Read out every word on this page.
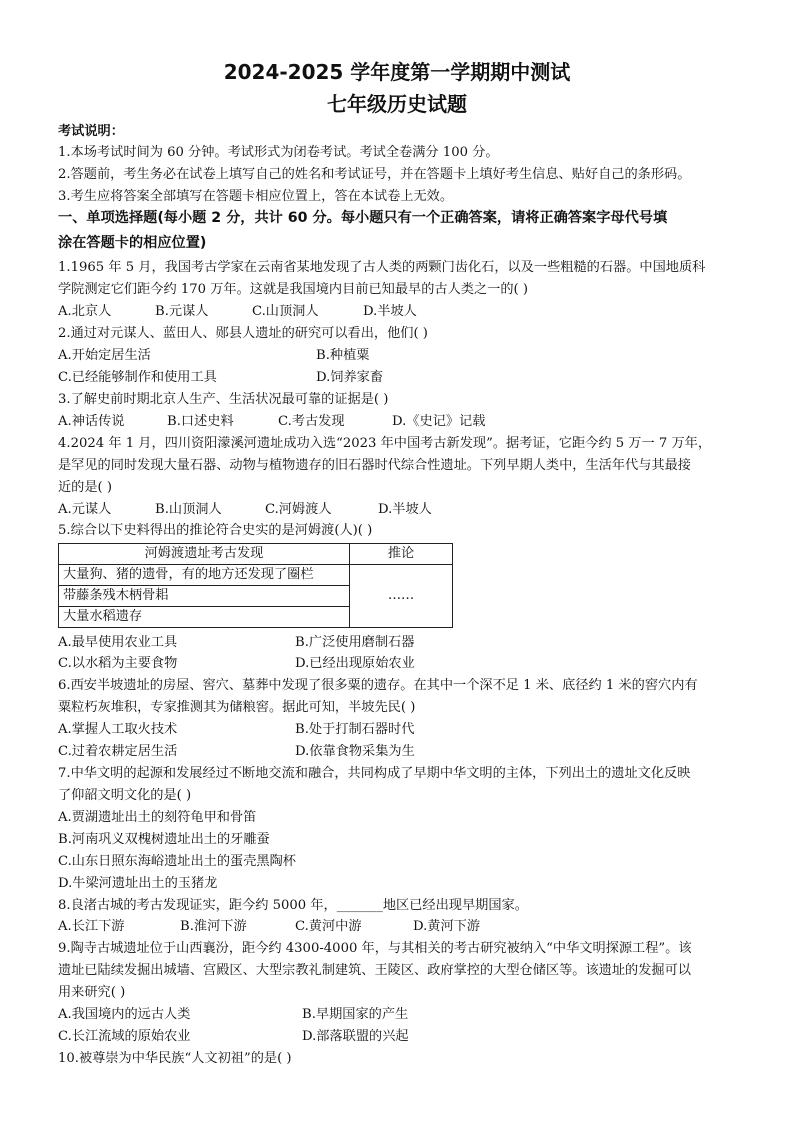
2024-2025 学年度第一学期期中测试
七年级历史试题
考试说明：
1.本场考试时间为 60 分钟。考试形式为闭卷考试。考试全卷满分 100 分。
2.答题前，考生务必在试卷上填写自己的姓名和考试证号，并在答题卡上填好考生信息、贴好自己的条形码。
3.考生应将答案全部填写在答题卡相应位置上，答在本试卷上无效。
一、单项选择题(每小题 2 分，共计 60 分。每小题只有一个正确答案，请将正确答案字母代号填
涂在答题卡的相应位置)
1.1965 年 5 月，我国考古学家在云南省某地发现了古人类的两颗门齿化石，以及一些粗糙的石器。中国地质科
学院测定它们距今约 170 万年。这就是我国境内目前已知最早的古人类之一的( )
A.北京人	B.元谋人	C.山顶洞人	D.半坡人
2.通过对元谋人、蓝田人、郧县人遗址的研究可以看出，他们( )
A.开始定居生活	B.种植粟
C.已经能够制作和使用工具	D.饲养家畜
3.了解史前时期北京人生产、生活状况最可靠的证据是( )
A.神话传说	B.口述史料	C.考古发现	D.《史记》记载
4.2024 年 1 月，四川资阳濛溪河遗址成功入选“2023 年中国考古新发现”。据考证，它距今约 5 万一 7 万年，
是罕见的同时发现大量石器、动物与植物遗存的旧石器时代综合性遗址。下列早期人类中，生活年代与其最接
近的是( )
A.元谋人	B.山顶洞人	C.河姆渡人	D.半坡人
5.综合以下史料得出的推论符合史实的是河姆渡(人)( )
河姆渡遗址考古发现	推论
大量狗、猪的遗骨，有的地方还发现了圈栏	……
带藤条残木柄骨耜	
大量水稻遗存	
A.最早使用农业工具	B.广泛使用磨制石器
C.以水稻为主要食物	D.已经出现原始农业
6.西安半坡遗址的房屋、窖穴、墓葬中发现了很多粟的遗存。在其中一个深不足 1 米、底径约 1 米的窖穴内有
粟粒朽灰堆积，专家推测其为储粮窖。据此可知，半坡先民( )
A.掌握人工取火技术	B.处于打制石器时代
C.过着农耕定居生活	D.依靠食物采集为生
7.中华文明的起源和发展经过不断地交流和融合，共同构成了早期中华文明的主体，下列出土的遗址文化反映
了仰韶文明文化的是( )
A.贾湖遗址出土的刻符龟甲和骨笛
B.河南巩义双槐树遗址出土的牙雕蚕
C.山东日照东海峪遗址出土的蛋壳黑陶杯
D.牛梁河遗址出土的玉猪龙
8.良渚古城的考古发现证实，距今约 5000 年，_______地区已经出现早期国家。
A.长江下游	B.淮河下游	C.黄河中游	D.黄河下游
9.陶寺古城遗址位于山西襄汾，距今约 4300-4000 年，与其相关的考古研究被纳入“中华文明探源工程”。该
遗址已陆续发掘出城墙、宫殿区、大型宗教礼制建筑、王陵区、政府掌控的大型仓储区等。该遗址的发掘可以
用来研究( )
A.我国境内的远古人类	B.早期国家的产生
C.长江流域的原始农业	D.部落联盟的兴起
10.被尊崇为中华民族“人文初祖”的是( )
